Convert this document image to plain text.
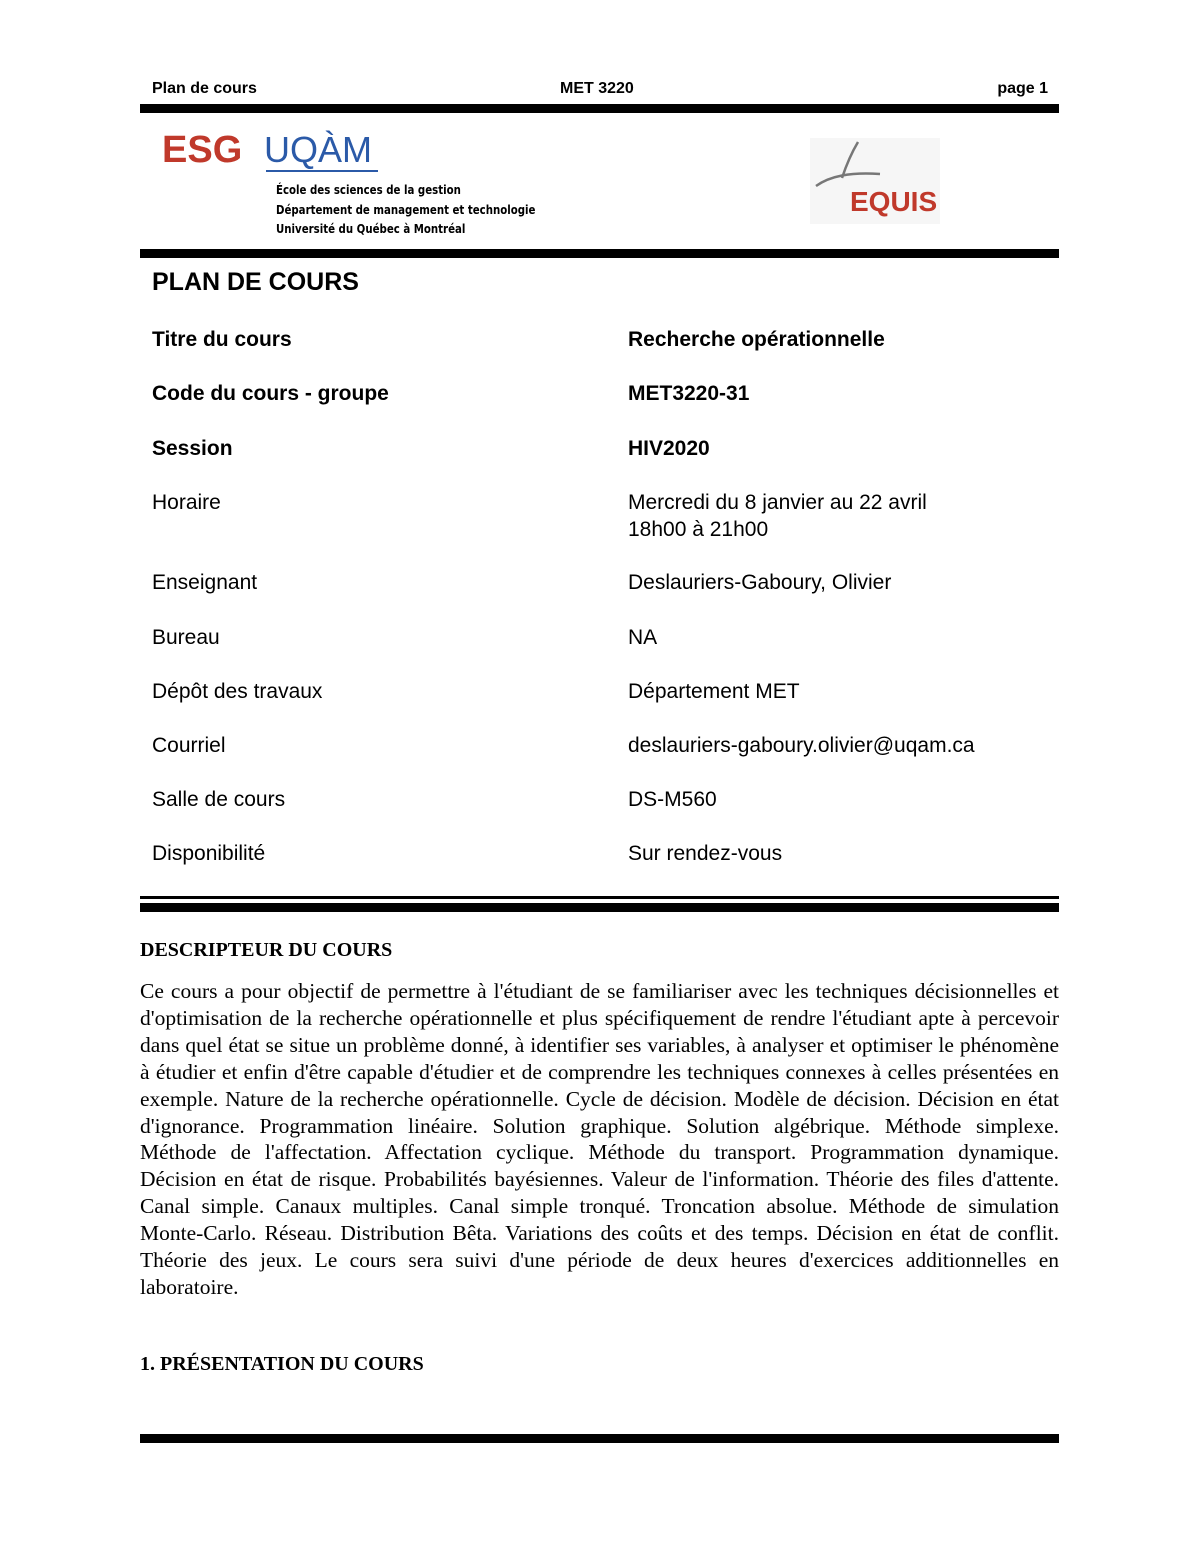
Plan de cours	MET 3220	page 1
ESG UQÀM
École des sciences de la gestion
Département de management et technologie
Université du Québec à Montréal
EQUIS
PLAN DE COURS
Titre du cours	Recherche opérationnelle
Code du cours - groupe	MET3220-31
Session	HIV2020
Horaire	Mercredi du 8 janvier au 22 avril
18h00 à 21h00
Enseignant	Deslauriers-Gaboury, Olivier
Bureau	NA
Dépôt des travaux	Département MET
Courriel	deslauriers-gaboury.olivier@uqam.ca
Salle de cours	DS-M560
Disponibilité	Sur rendez-vous
DESCRIPTEUR DU COURS
Ce cours a pour objectif de permettre à l'étudiant de se familiariser avec les techniques décisionnelles et d'optimisation de la recherche opérationnelle et plus spécifiquement de rendre l'étudiant apte à percevoir dans quel état se situe un problème donné, à identifier ses variables, à analyser et optimiser le phénomène à étudier et enfin d'être capable d'étudier et de comprendre les techniques connexes à celles présentées en exemple. Nature de la recherche opérationnelle. Cycle de décision. Modèle de décision. Décision en état d'ignorance. Programmation linéaire. Solution graphique. Solution algébrique. Méthode simplexe. Méthode de l'affectation. Affectation cyclique. Méthode du transport. Programmation dynamique. Décision en état de risque. Probabilités bayésiennes. Valeur de l'information. Théorie des files d'attente. Canal simple. Canaux multiples. Canal simple tronqué. Troncation absolue. Méthode de simulation Monte-Carlo. Réseau. Distribution Bêta. Variations des coûts et des temps. Décision en état de conflit. Théorie des jeux. Le cours sera suivi d'une période de deux heures d'exercices additionnelles en laboratoire.
1. PRÉSENTATION DU COURS
